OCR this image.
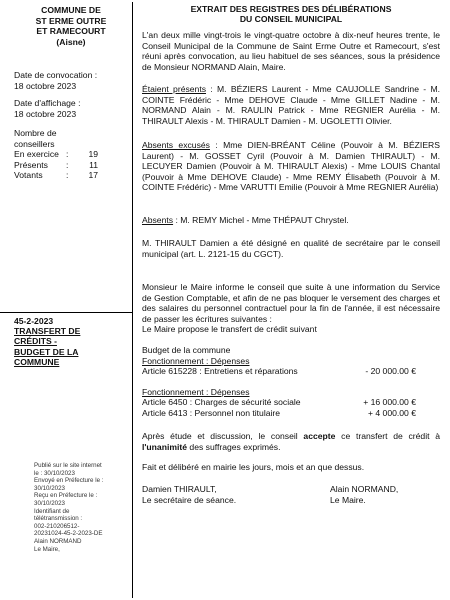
COMMUNE DE
ST ERME OUTRE
ET RAMECOURT
(Aisne)
Date de convocation :
18 octobre 2023
Date d'affichage :
18 octobre 2023
Nombre de
conseillers
En exercice :	19
Présents	:	11
Votants	:	17
45-2-2023
TRANSFERT DE
CRÉDITS -
BUDGET DE LA
COMMUNE
Publié sur le site internet
le : 30/10/2023
Envoyé en Préfecture le :
30/10/2023
Reçu en Préfecture le :
30/10/2023
Identifiant de
télétransmission :
002-210206512-
20231024-45-2-2023-DE
Alain NORMAND
Le Maire,
EXTRAIT DES REGISTRES DES DÉLIBÉRATIONS
DU CONSEIL MUNICIPAL
L'an deux mille vingt-trois le vingt-quatre octobre à dix-neuf heures trente, le Conseil Municipal de la Commune de Saint Erme Outre et Ramecourt, s'est réuni après convocation, au lieu habituel de ses séances, sous la présidence de Monsieur NORMAND Alain, Maire.
Étaient présents : M. BÉZIERS Laurent - Mme CAUJOLLE Sandrine - M. COINTE Frédéric - Mme DEHOVE Claude - Mme GILLET Nadine - M. NORMAND Alain - M. RAULIN Patrick - Mme REGNIER Aurélia - M. THIRAULT Alexis - M. THIRAULT Damien - M. UGOLETTI Olivier.
Absents excusés : Mme DIEN-BRÉANT Céline (Pouvoir à M. BÉZIERS Laurent) - M. GOSSET Cyril (Pouvoir à M. Damien THIRAULT) - M. LECUYER Damien (Pouvoir à M. THIRAULT Alexis) - Mme LOUIS Chantal (Pouvoir à Mme DEHOVE Claude) - Mme REMY Élisabeth (Pouvoir à M. COINTE Frédéric) - Mme VARUTTI Emilie (Pouvoir à Mme REGNIER Aurélia)
Absents : M. REMY Michel - Mme THÉPAUT Chrystel.
M. THIRAULT Damien a été désigné en qualité de secrétaire par le conseil municipal (art. L. 2121-15 du CGCT).
Monsieur le Maire informe le conseil que suite à une information du Service de Gestion Comptable, et afin de ne pas bloquer le versement des charges et des salaires du personnel contractuel pour la fin de l'année, il est nécessaire de passer les écritures suivantes :
Le Maire propose le transfert de crédit suivant
Budget de la commune
Fonctionnement : Dépenses
Article 615228 : Entretiens et réparations	- 20 000.00 €
Fonctionnement : Dépenses
Article 6450 : Charges de sécurité sociale	+ 16 000.00 €
Article 6413 : Personnel non titulaire	+ 4 000.00 €
Après étude et discussion, le conseil accepte ce transfert de crédit à l'unanimité des suffrages exprimés.
Fait et délibéré en mairie les jours, mois et an que dessus.
Damien THIRAULT,
Le secrétaire de séance.
Alain NORMAND,
Le Maire.
